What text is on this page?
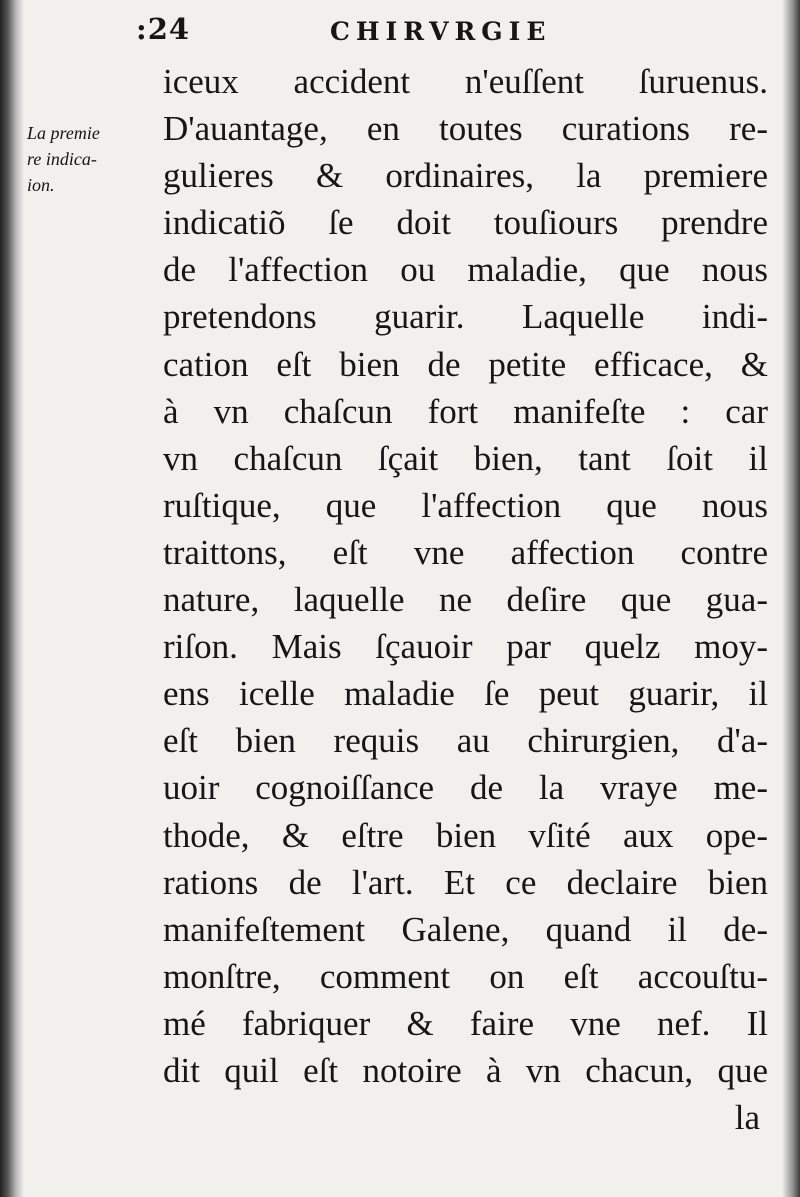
:24	CHIRVRGIE
La premie
re indica-
ion.
iceux accident n'euſſent ſuruenus.
D'auantage, en toutes curations re-
gulieres & ordinaires, la premiere
indicatiõ ſe doit touſiours prendre
de l'affection ou maladie, que nous
pretendons guarir. Laquelle indi-
cation eſt bien de petite efficace, &
à vn chaſcun fort manifeſte : car
vn chaſcun ſçait bien, tant ſoit il
ruſtique, que l'affection que nous
traittons, eſt vne affection contre
nature, laquelle ne deſire que gua-
riſon. Mais ſçauoir par quelz moy-
ens icelle maladie ſe peut guarir, il
eſt bien requis au chirurgien, d'a-
uoir cognoiſſance de la vraye me-
thode, & eſtre bien vſité aux ope-
rations de l'art. Et ce declaire bien
manifeſtement Galene, quand il de-
monſtre, comment on eſt accouſtu-
mé fabriquer & faire vne nef. Il
dit quil eſt notoire à vn chacun, que
la
